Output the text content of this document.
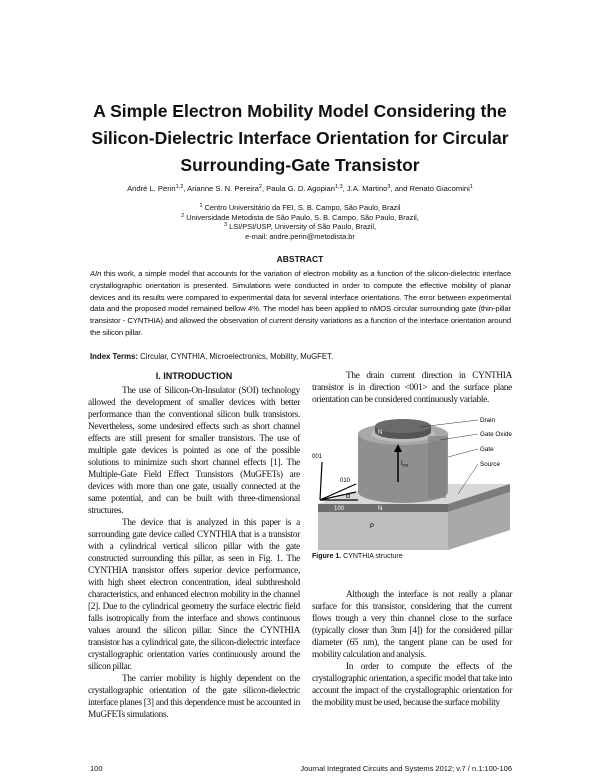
A Simple Electron Mobility Model Considering the
Silicon-Dielectric Interface Orientation for Circular
Surrounding-Gate Transistor
André L. Perin$^{1,2}$, Arianne S. N. Pereira$^2$, Paula G. D. Agopian$^{1,3}$, J.A. Martino$^3$, and Renato Giacomini$^1$
$^1$ Centro Universitário da FEI, S. B. Campo, São Paulo, Brazil
$^2$ Universidade Metodista de São Paulo, S. B. Campo, São Paulo, Brazil,
$^3$ LSI/PSI/USP, University of São Paulo, Brazil,
e-mail: andre.perin@metodista.br
ABSTRACT
AIn this work, a simple model that accounts for the variation of electron mobility as a function of the silicon-dielectric interface crystallographic orientation is presented. Simulations were conducted in order to compute the effective mobility of planar devices and its results were compared to experimental data for several interface orientations. The error between experimental data and the proposed model remained bellow 4%. The model has been applied to nMOS circular surrounding gate (thin-pillar transistor - CYNTHIA) and allowed the observation of current density variations as a function of the interface orientation around the silicon pillar.
Index Terms: Circular, CYNTHIA, Microelectronics, Mobility, MuGFET.
I. INTRODUCTION

The use of Silicon-On-Insulator (SOI) technology allowed the development of smaller devices with better performance than the conventional silicon bulk transistors. Nevertheless, some undesired effects such as short channel effects are still present for smaller transistors. The use of multiple gate devices is pointed as one of the possible solutions to minimize such short channel effects [1]. The Multiple-Gate Field Effect Transistors (MuGFETs) are devices with more than one gate, usually connected at the same potential, and can be built with three-dimensional structures.

The device that is analyzed in this paper is a surrounding gate device called CYNTHIA that is a transistor with a cylindrical vertical silicon pillar with the gate constructed surrounding this pillar, as seen in Fig. 1. The CYNTHIA transistor offers superior device performance, with high sheet electron concentration, ideal subthreshold characteristics, and enhanced electron mobility in the channel [2]. Due to the cylindrical geometry the surface electric field falls isotropically from the interface and shows continuous values around the silicon pillar. Since the CYNTHIA transistor has a cylindrical gate, the silicon-dielectric interface crystallographic orientation varies continuously around the silicon pillar.

The carrier mobility is highly dependent on the crystallographic orientation of the gate silicon-dielectric interface planes [3] and this dependence must be accounted in MuGFETs simulations.

The drain current direction in CYNTHIA transistor is in direction <001> and the surface plane orientation can be considered continuously variable.

$I_{DS}$
N
N
P
001
010
100
α
Drain
Gate Oxide
Gate
Source
Figure 1. CYNTHIA structure

Although the interface is not really a planar surface for this transistor, considering that the current flows trough a very thin channel close to the surface (typically closer than 3nm [4]) for the considered pillar diameter (65 nm), the tangent plane can be used for mobility calculation and analysis.

In order to compute the effects of the crystallographic orientation, a specific model that take into account the impact of the crystallographic orientation for the mobility must be used, because the surface mobility

100	Journal Integrated Circuits and Systems 2012; v.7 / n.1:100-106
